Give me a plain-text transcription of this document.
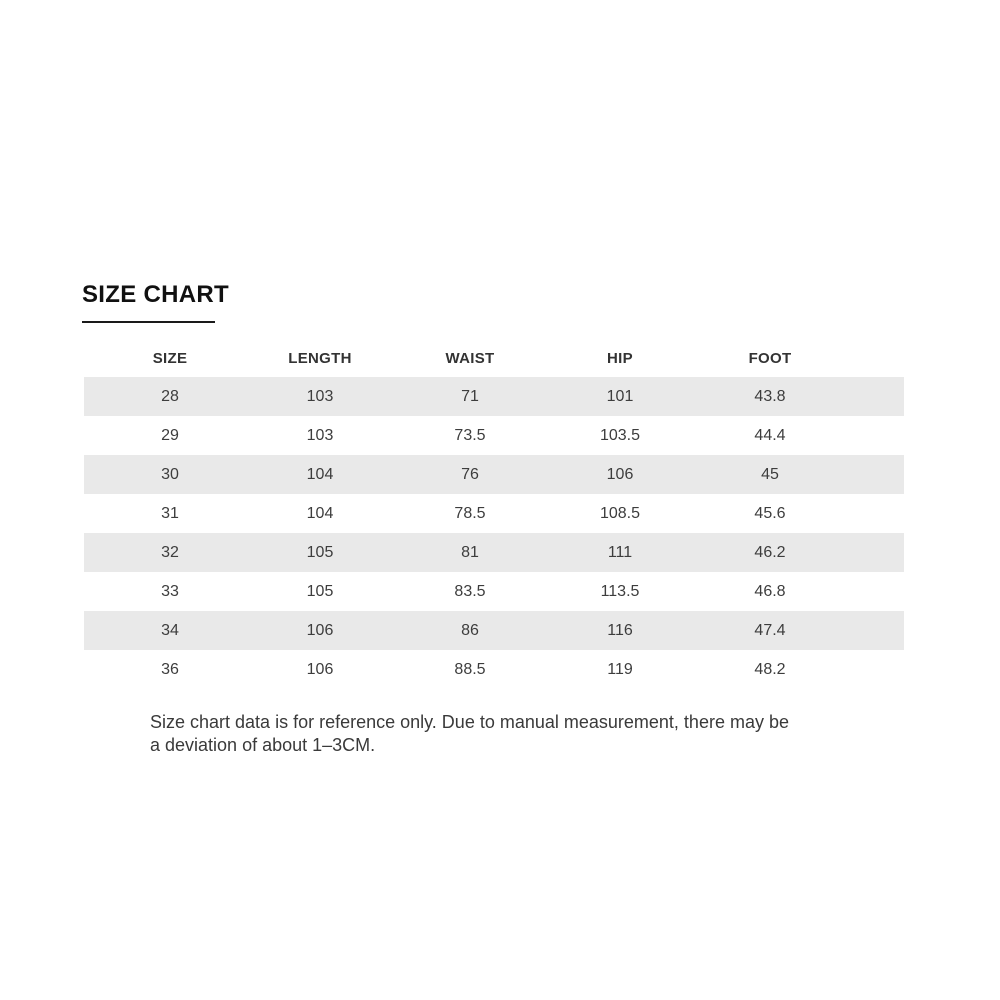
SIZE CHART
SIZE	LENGTH	WAIST	HIP	FOOT
28	103	71	101	43.8
29	103	73.5	103.5	44.4
30	104	76	106	45
31	104	78.5	108.5	45.6
32	105	81	111	46.2
33	105	83.5	113.5	46.8
34	106	86	116	47.4
36	106	88.5	119	48.2

Size chart data is for reference only. Due to manual measurement, there may be a deviation of about 1–3CM.
